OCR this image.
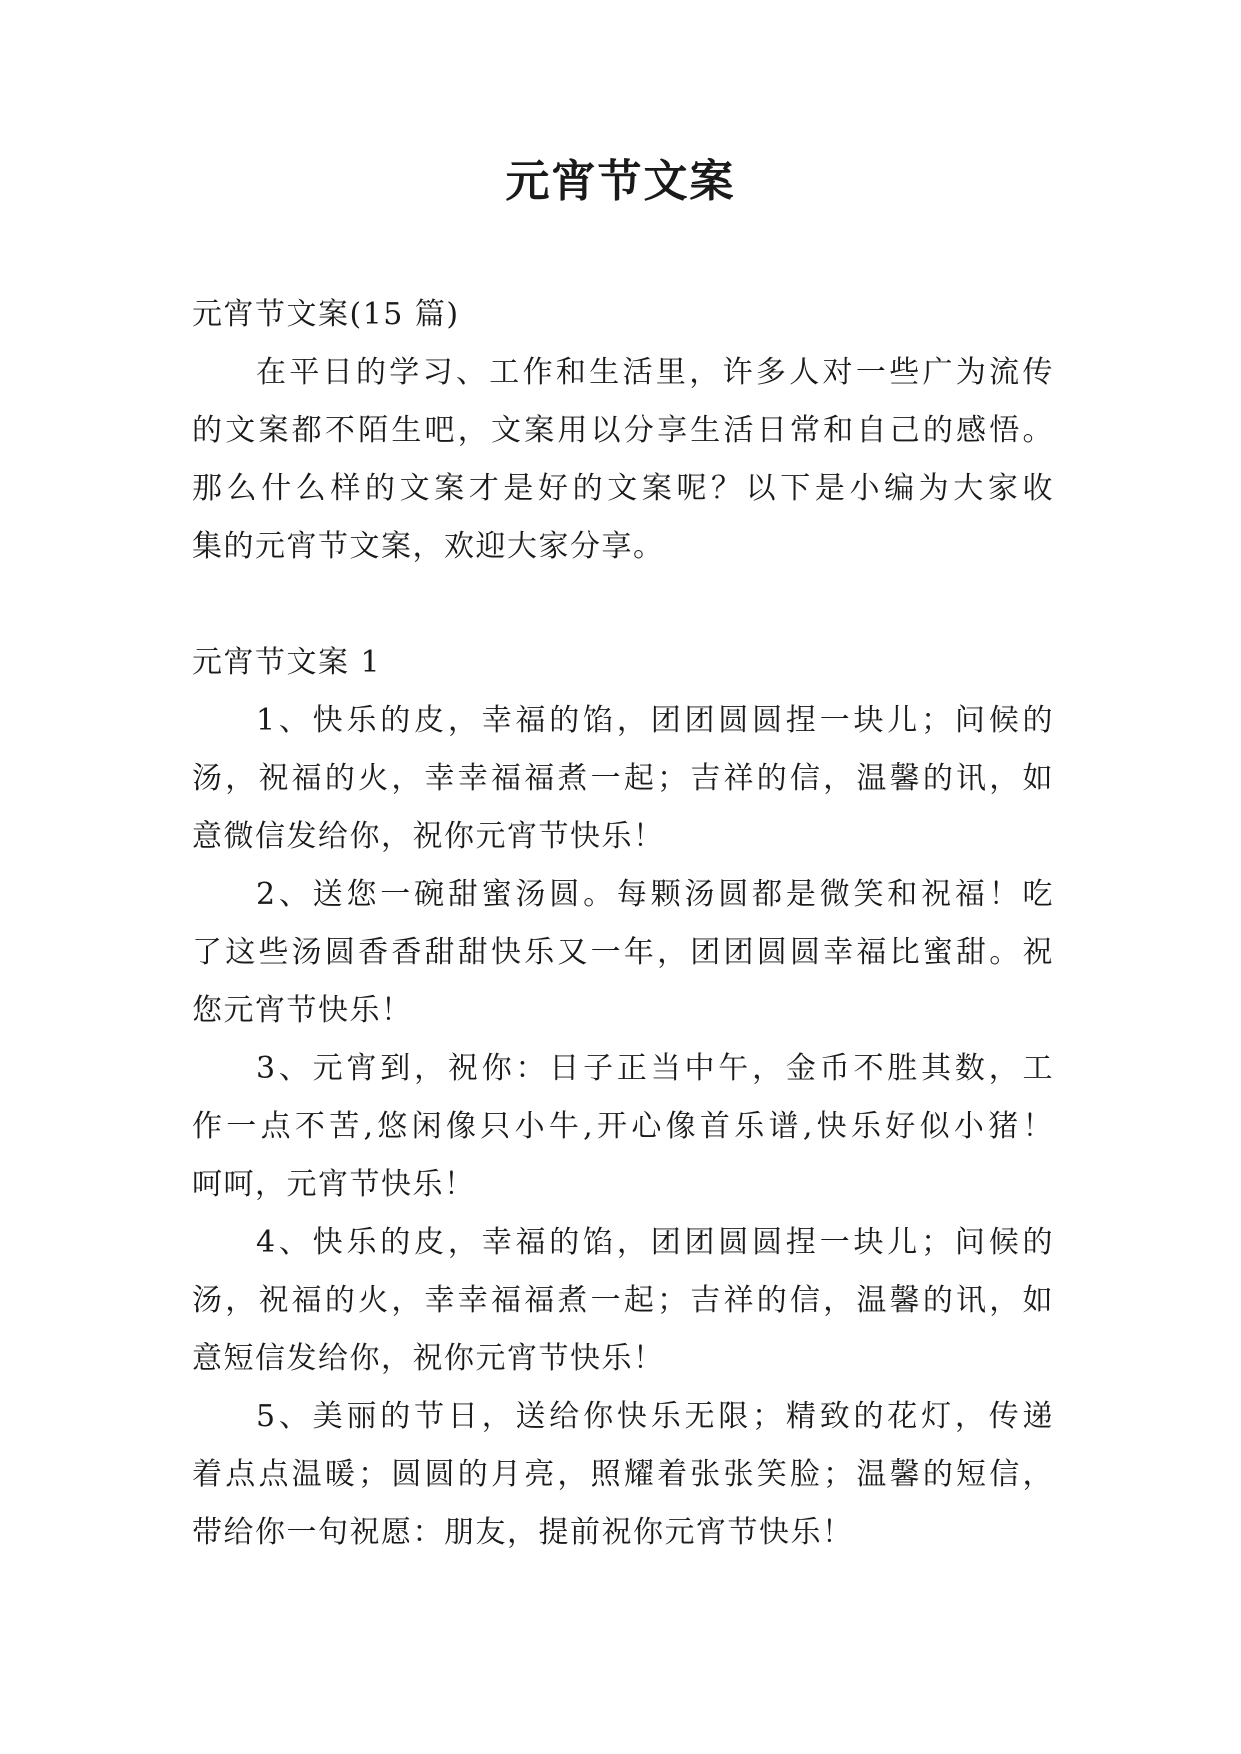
元宵节文案

元宵节文案(15 篇)

在平日的学习、工作和生活里，许多人对一些广为流传

的文案都不陌生吧，文案用以分享生活日常和自己的感悟。

那么什么样的文案才是好的文案呢？以下是小编为大家收

集的元宵节文案，欢迎大家分享。

元宵节文案 1

1、快乐的皮，幸福的馅，团团圆圆捏一块儿；问候的

汤，祝福的火，幸幸福福煮一起；吉祥的信，温馨的讯，如

意微信发给你，祝你元宵节快乐！

2、送您一碗甜蜜汤圆。每颗汤圆都是微笑和祝福！吃

了这些汤圆香香甜甜快乐又一年，团团圆圆幸福比蜜甜。祝

您元宵节快乐！

3、元宵到，祝你：日子正当中午，金币不胜其数，工

作一点不苦,悠闲像只小牛,开心像首乐谱,快乐好似小猪！

呵呵，元宵节快乐！

4、快乐的皮，幸福的馅，团团圆圆捏一块儿；问候的

汤，祝福的火，幸幸福福煮一起；吉祥的信，温馨的讯，如

意短信发给你，祝你元宵节快乐！

5、美丽的节日，送给你快乐无限；精致的花灯，传递

着点点温暖；圆圆的月亮，照耀着张张笑脸；温馨的短信，

带给你一句祝愿：朋友，提前祝你元宵节快乐！
